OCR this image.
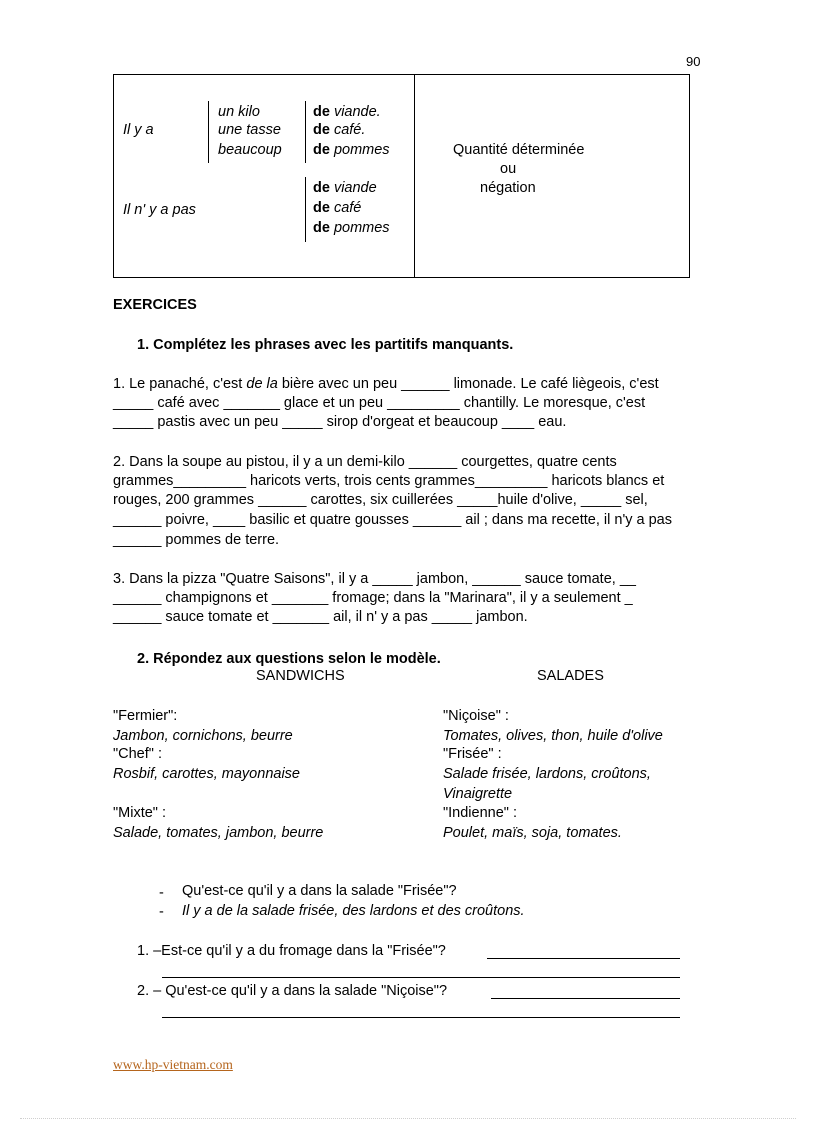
90
Il y a
un kilo
une tasse
beaucoup
de viande.
de café.
de pommes
Il n' y a pas
de viande
de café
de pommes
Quantité déterminée
ou
négation
EXERCICES
1. Complétez les phrases avec les partitifs manquants.
1. Le panaché, c'est de la bière avec un peu ______ limonade. Le café liègeois, c'est
_____ café avec _______ glace et un peu _________ chantilly. Le moresque, c'est
_____ pastis avec un peu _____ sirop d'orgeat et beaucoup ____ eau.
2. Dans la soupe au pistou, il y a un demi-kilo ______ courgettes, quatre cents
grammes_________ haricots verts, trois cents grammes_________ haricots blancs et
rouges, 200 grammes ______ carottes, six cuillerées _____huile d'olive, _____ sel,
______ poivre, ____ basilic et quatre gousses ______ ail ; dans ma recette, il n'y a pas
______ pommes de terre.
3. Dans la pizza "Quatre Saisons", il y a _____ jambon, ______ sauce tomate, __
______ champignons et _______ fromage; dans la "Marinara", il y a seulement _
______ sauce tomate et _______ ail, il n' y a pas _____ jambon.
2. Répondez aux questions selon le modèle.
SANDWICHS	SALADES
"Fermier":
Jambon, cornichons, beurre
"Chef" :
Rosbif, carottes, mayonnaise
"Mixte" :
Salade, tomates, jambon, beurre
"Niçoise" :
Tomates, olives, thon, huile d'olive
"Frisée" :
Salade frisée, lardons, croûtons,
Vinaigrette
"Indienne" :
Poulet, maïs, soja, tomates.
- Qu'est-ce qu'il y a dans la salade "Frisée"?
- Il y a de la salade frisée, des lardons et des croûtons.
1. –Est-ce qu'il y a du fromage dans la "Frisée"?
2. – Qu'est-ce qu'il y a dans la salade "Niçoise"?
www.hp-vietnam.com
